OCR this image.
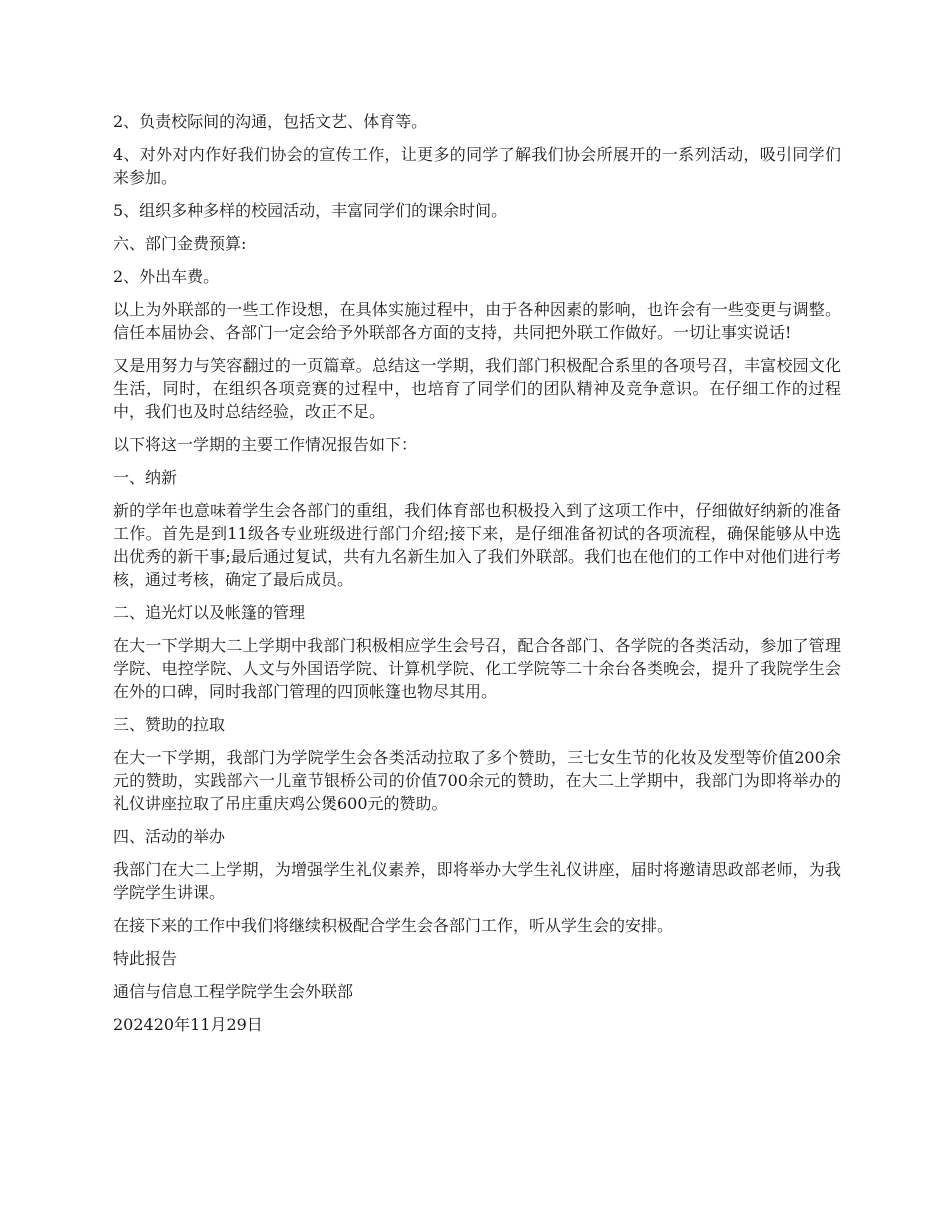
2、负责校际间的沟通，包括文艺、体育等。

4、对外对内作好我们协会的宣传工作，让更多的同学了解我们协会所展开的一系列活动，吸引同学们来参加。

5、组织多种多样的校园活动，丰富同学们的课余时间。

六、部门金费预算:

2、外出车费。

以上为外联部的一些工作设想，在具体实施过程中，由于各种因素的影响，也许会有一些变更与调整。信任本届协会、各部门一定会给予外联部各方面的支持，共同把外联工作做好。一切让事实说话!

又是用努力与笑容翻过的一页篇章。总结这一学期，我们部门积极配合系里的各项号召，丰富校园文化生活，同时，在组织各项竞赛的过程中，也培育了同学们的团队精神及竞争意识。在仔细工作的过程中，我们也及时总结经验，改正不足。

以下将这一学期的主要工作情况报告如下：

一、纳新

新的学年也意味着学生会各部门的重组，我们体育部也积极投入到了这项工作中，仔细做好纳新的准备工作。首先是到11级各专业班级进行部门介绍;接下来，是仔细准备初试的各项流程，确保能够从中选出优秀的新干事;最后通过复试，共有九名新生加入了我们外联部。我们也在他们的工作中对他们进行考核，通过考核，确定了最后成员。

二、追光灯以及帐篷的管理

在大一下学期大二上学期中我部门积极相应学生会号召，配合各部门、各学院的各类活动，参加了管理学院、电控学院、人文与外国语学院、计算机学院、化工学院等二十余台各类晚会，提升了我院学生会在外的口碑，同时我部门管理的四顶帐篷也物尽其用。

三、赞助的拉取

在大一下学期，我部门为学院学生会各类活动拉取了多个赞助，三七女生节的化妆及发型等价值200余元的赞助，实践部六一儿童节银桥公司的价值700余元的赞助，在大二上学期中，我部门为即将举办的礼仪讲座拉取了吊庄重庆鸡公煲600元的赞助。

四、活动的举办

我部门在大二上学期，为增强学生礼仪素养，即将举办大学生礼仪讲座，届时将邀请思政部老师，为我学院学生讲课。

在接下来的工作中我们将继续积极配合学生会各部门工作，听从学生会的安排。

特此报告

通信与信息工程学院学生会外联部

202420年11月29日
